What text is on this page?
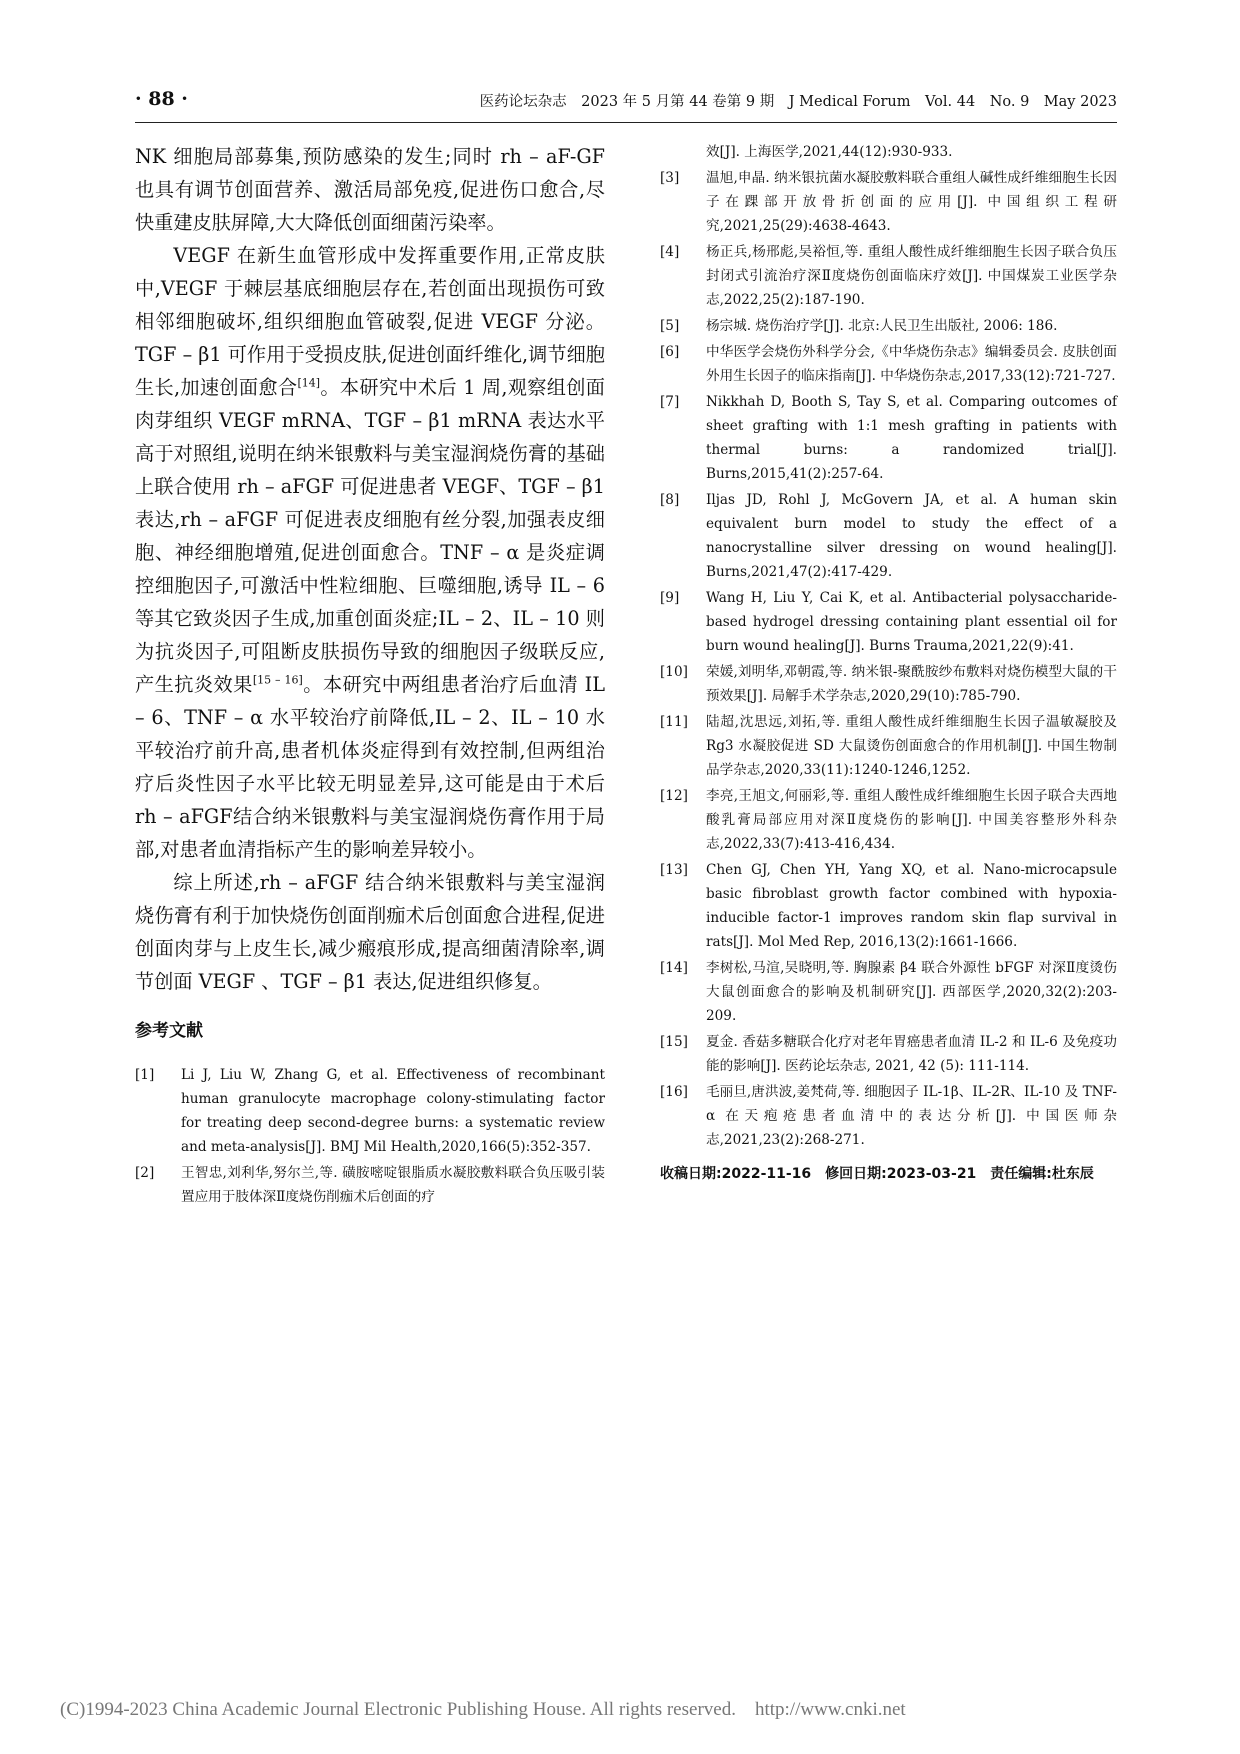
· 88 ·	医药论坛杂志　2023 年 5 月第 44 卷第 9 期　J Medical Forum　Vol. 44　No. 9　May 2023

NK 细胞局部募集,预防感染的发生;同时 rh – aF-GF 也具有调节创面营养、激活局部免疫,促进伤口愈合,尽快重建皮肤屏障,大大降低创面细菌污染率。

VEGF 在新生血管形成中发挥重要作用,正常皮肤中,VEGF 于棘层基底细胞层存在,若创面出现损伤可致相邻细胞破坏,组织细胞血管破裂,促进 VEGF 分泌。TGF – β1 可作用于受损皮肤,促进创面纤维化,调节细胞生长,加速创面愈合[14]。本研究中术后 1 周,观察组创面肉芽组织 VEGF mRNA、TGF – β1 mRNA 表达水平高于对照组,说明在纳米银敷料与美宝湿润烧伤膏的基础上联合使用 rh – aFGF 可促进患者 VEGF、TGF – β1 表达,rh – aFGF 可促进表皮细胞有丝分裂,加强表皮细胞、神经细胞增殖,促进创面愈合。TNF – α 是炎症调控细胞因子,可激活中性粒细胞、巨噬细胞,诱导 IL – 6 等其它致炎因子生成,加重创面炎症;IL – 2、IL – 10 则为抗炎因子,可阻断皮肤损伤导致的细胞因子级联反应,产生抗炎效果[15 – 16]。本研究中两组患者治疗后血清 IL – 6、TNF – α 水平较治疗前降低,IL – 2、IL – 10 水平较治疗前升高,患者机体炎症得到有效控制,但两组治疗后炎性因子水平比较无明显差异,这可能是由于术后 rh – aFGF结合纳米银敷料与美宝湿润烧伤膏作用于局部,对患者血清指标产生的影响差异较小。

综上所述,rh – aFGF 结合纳米银敷料与美宝湿润烧伤膏有利于加快烧伤创面削痂术后创面愈合进程,促进创面肉芽与上皮生长,减少瘢痕形成,提高细菌清除率,调节创面 VEGF 、TGF – β1 表达,促进组织修复。

参考文献
[1]	Li J, Liu W, Zhang G, et al. Effectiveness of recombinant human granulocyte macrophage colony-stimulating factor for treating deep second-degree burns: a systematic review and meta-analysis[J]. BMJ Mil Health,2020,166(5):352-357.
[2]	王智忠,刘利华,努尔兰,等. 磺胺嘧啶银脂质水凝胶敷料联合负压吸引装置应用于肢体深Ⅱ度烧伤削痂术后创面的疗
效[J]. 上海医学,2021,44(12):930-933.
[3]	温旭,申晶. 纳米银抗菌水凝胶敷料联合重组人碱性成纤维细胞生长因子在踝部开放骨折创面的应用[J]. 中国组织工程研究,2021,25(29):4638-4643.
[4]	杨正兵,杨邢彪,吴裕恒,等. 重组人酸性成纤维细胞生长因子联合负压封闭式引流治疗深Ⅱ度烧伤创面临床疗效[J]. 中国煤炭工业医学杂志,2022,25(2):187-190.
[5]	杨宗城. 烧伤治疗学[J]. 北京:人民卫生出版社, 2006: 186.
[6]	中华医学会烧伤外科学分会,《中华烧伤杂志》编辑委员会. 皮肤创面外用生长因子的临床指南[J]. 中华烧伤杂志,2017,33(12):721-727.
[7]	Nikkhah D, Booth S, Tay S, et al. Comparing outcomes of sheet grafting with 1:1 mesh grafting in patients with thermal burns: a randomized trial[J]. Burns,2015,41(2):257-64.
[8]	Iljas JD, Rohl J, McGovern JA, et al. A human skin equivalent burn model to study the effect of a nanocrystalline silver dressing on wound healing[J]. Burns,2021,47(2):417-429.
[9]	Wang H, Liu Y, Cai K, et al. Antibacterial polysaccharide-based hydrogel dressing containing plant essential oil for burn wound healing[J]. Burns Trauma,2021,22(9):41.
[10]	荣媛,刘明华,邓朝霞,等. 纳米银-聚酰胺纱布敷料对烧伤模型大鼠的干预效果[J]. 局解手术学杂志,2020,29(10):785-790.
[11]	陆超,沈思远,刘拓,等. 重组人酸性成纤维细胞生长因子温敏凝胶及 Rg3 水凝胶促进 SD 大鼠烫伤创面愈合的作用机制[J]. 中国生物制品学杂志,2020,33(11):1240-1246,1252.
[12]	李亮,王旭文,何丽彩,等. 重组人酸性成纤维细胞生长因子联合夫西地酸乳膏局部应用对深Ⅱ度烧伤的影响[J]. 中国美容整形外科杂志,2022,33(7):413-416,434.
[13]	Chen GJ, Chen YH, Yang XQ, et al. Nano-microcapsule basic fibroblast growth factor combined with hypoxia-inducible factor-1 improves random skin flap survival in rats[J]. Mol Med Rep, 2016,13(2):1661-1666.
[14]	李树松,马渲,吴晓明,等. 胸腺素 β4 联合外源性 bFGF 对深Ⅱ度烫伤大鼠创面愈合的影响及机制研究[J]. 西部医学,2020,32(2):203-209.
[15]	夏金. 香菇多糖联合化疗对老年胃癌患者血清 IL-2 和 IL-6 及免疫功能的影响[J]. 医药论坛杂志, 2021, 42 (5): 111-114.
[16]	毛丽旦,唐洪波,姜梵荷,等. 细胞因子 IL-1β、IL-2R、IL-10 及 TNF-α 在天疱疮患者血清中的表达分析[J]. 中国医师杂志,2021,23(2):268-271.
收稿日期:2022-11-16　修回日期:2023-03-21　责任编辑:杜东辰
(C)1994-2023 China Academic Journal Electronic Publishing House. All rights reserved.　http://www.cnki.net
